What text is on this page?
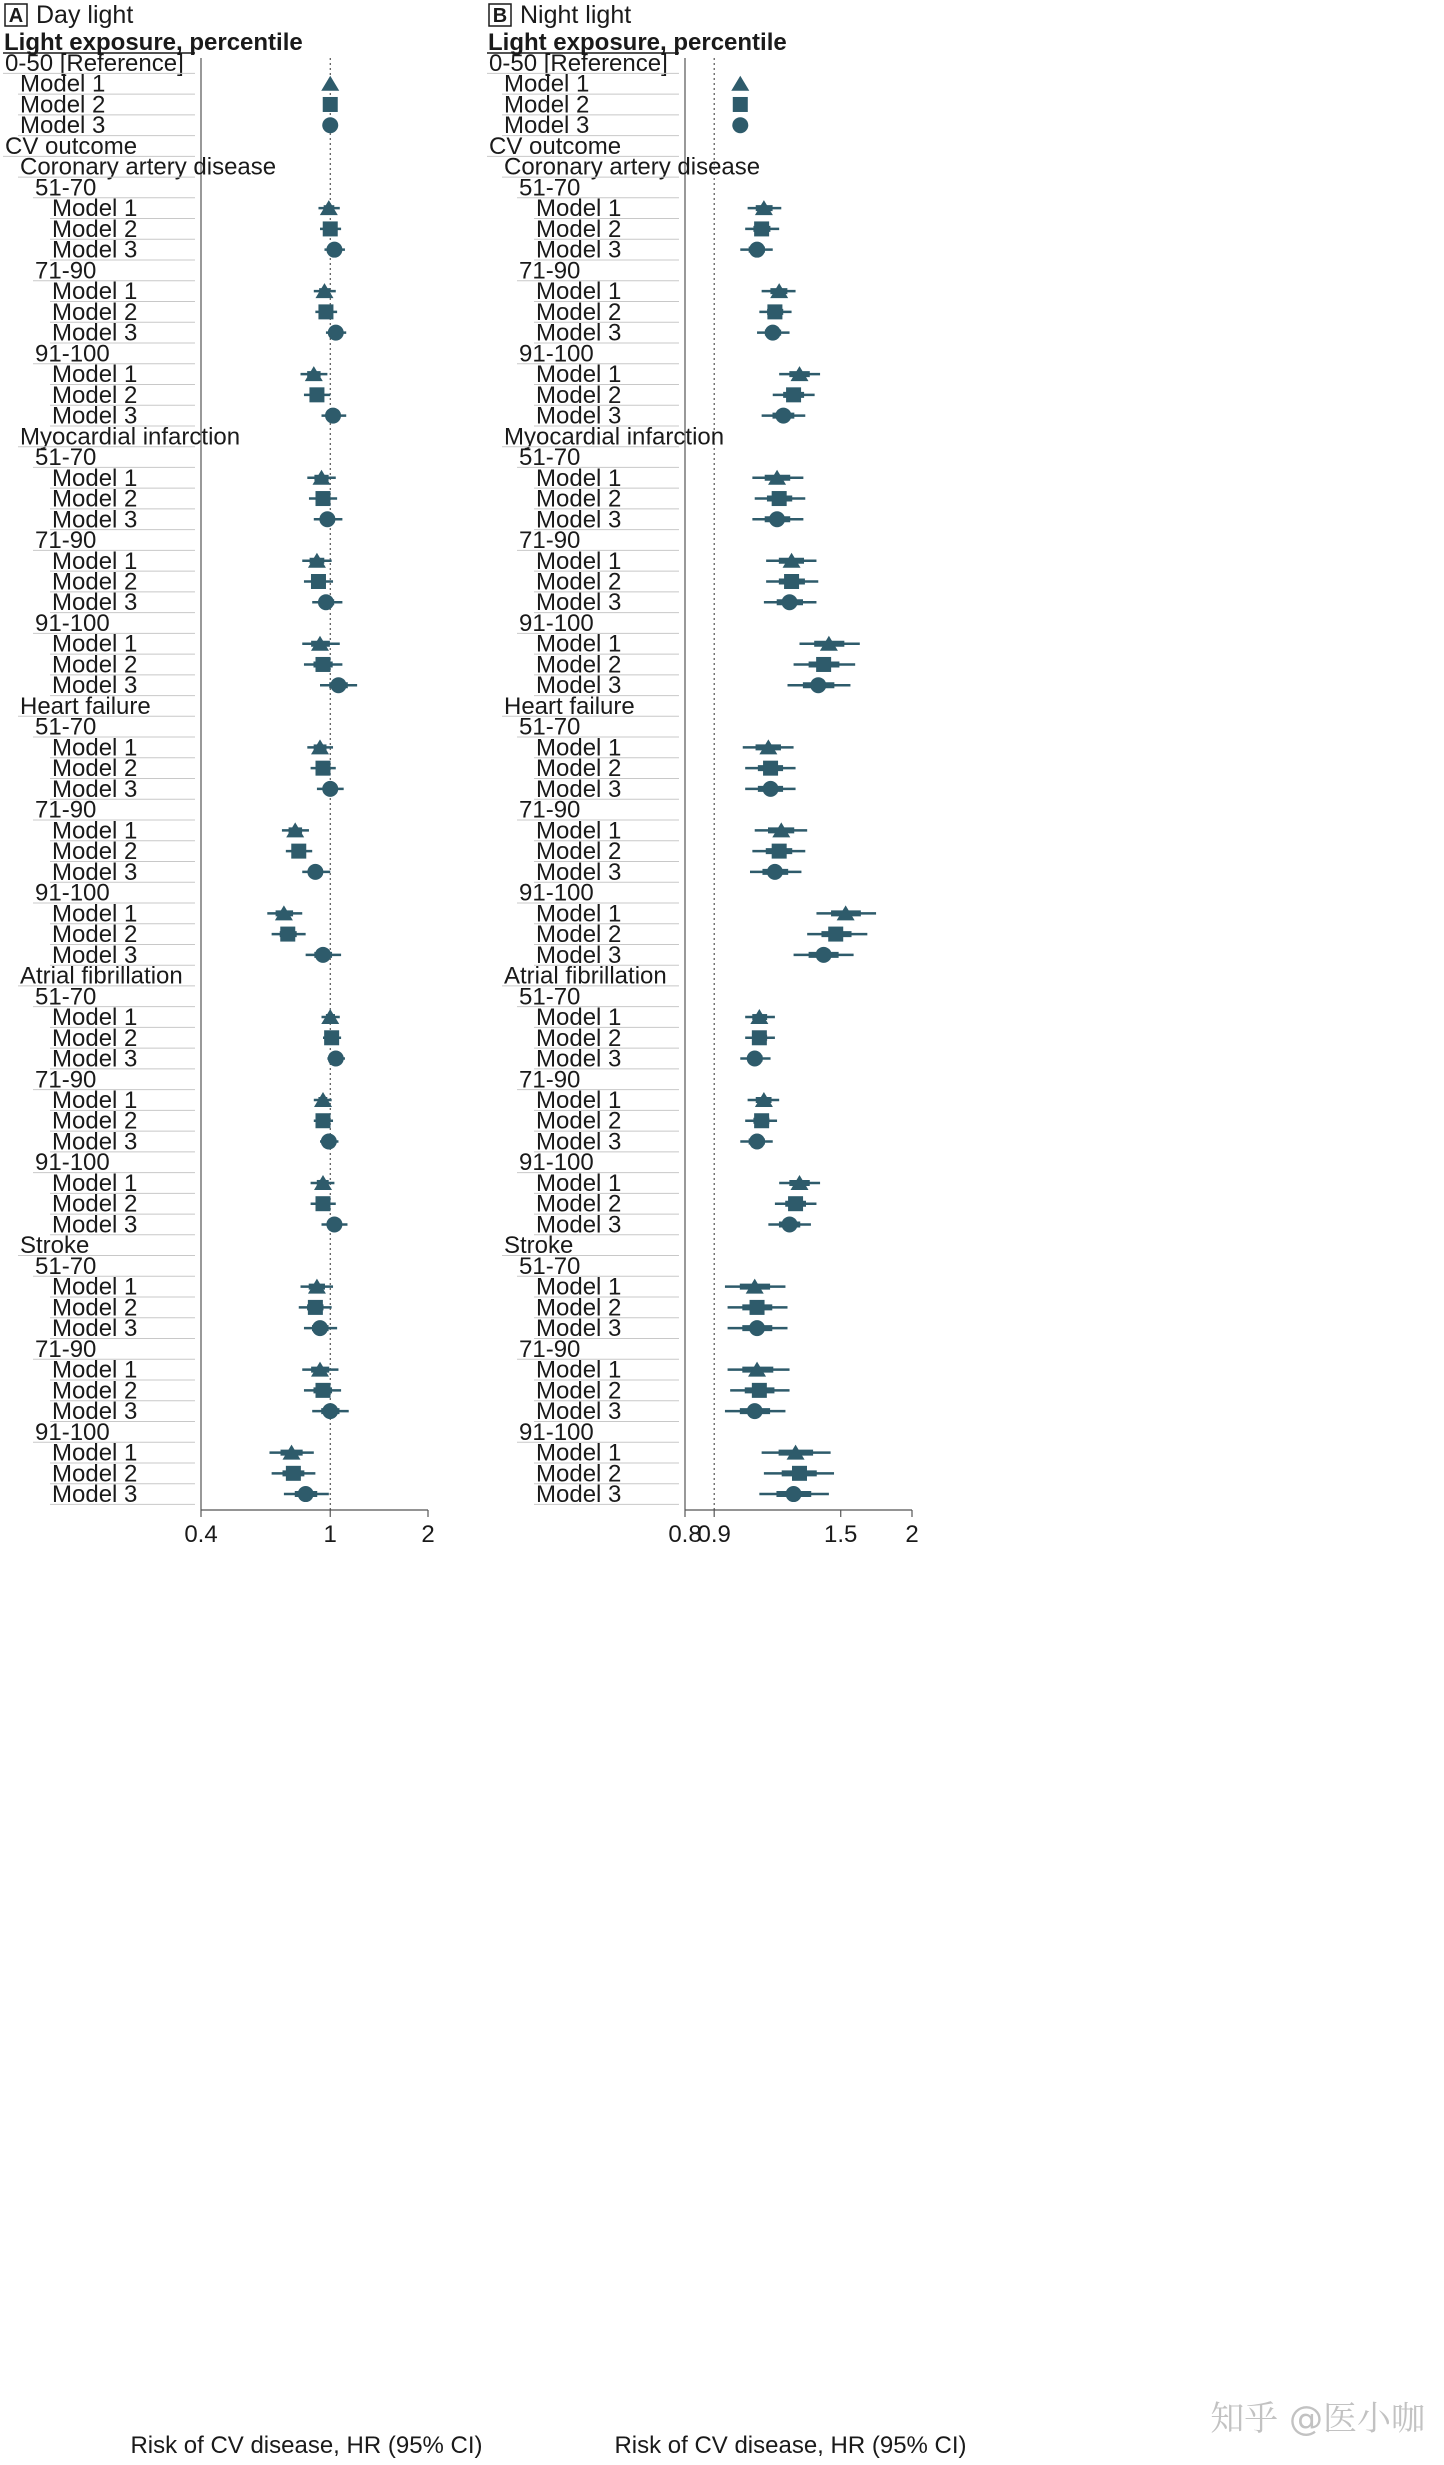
A Day light
Light exposure, percentile
0.4	1	2
Risk of CV disease, HR (95% CI)
0-50 [Reference]
Model 1
Model 2
Model 3
CV outcome
Coronary artery disease
51-70
Model 1
Model 2
Model 3
71-90
Model 1
Model 2
Model 3
91-100
Model 1
Model 2
Model 3
Myocardial infarction
51-70
Model 1
Model 2
Model 3
71-90
Model 1
Model 2
Model 3
91-100
Model 1
Model 2
Model 3
Heart failure
51-70
Model 1
Model 2
Model 3
71-90
Model 1
Model 2
Model 3
91-100
Model 1
Model 2
Model 3
Atrial fibrillation
51-70
Model 1
Model 2
Model 3
71-90
Model 1
Model 2
Model 3
91-100
Model 1
Model 2
Model 3
Stroke
51-70
Model 1
Model 2
Model 3
71-90
Model 1
Model 2
Model 3
91-100
Model 1
Model 2
Model 3
B Night light
Light exposure, percentile
0.8
0.9	1.5 2
Risk of CV disease, HR (95% CI)
0-50 [Reference]
Model 1
Model 2
Model 3
CV outcome
Coronary artery disease
51-70
Model 1
Model 2
Model 3
71-90
Model 1
Model 2
Model 3
91-100
Model 1
Model 2
Model 3
Myocardial infarction
51-70
Model 1
Model 2
Model 3
71-90
Model 1
Model 2
Model 3
91-100
Model 1
Model 2
Model 3
Heart failure
51-70
Model 1
Model 2
Model 3
71-90
Model 1
Model 2
Model 3
91-100
Model 1
Model 2
Model 3
Atrial fibrillation
51-70
Model 1
Model 2
Model 3
71-90
Model 1
Model 2
Model 3
91-100
Model 1
Model 2
Model 3
Stroke
51-70
Model 1
Model 2
Model 3
71-90
Model 1
Model 2
Model 3
91-100
Model 1
Model 2
Model 3
知乎 @医小咖
